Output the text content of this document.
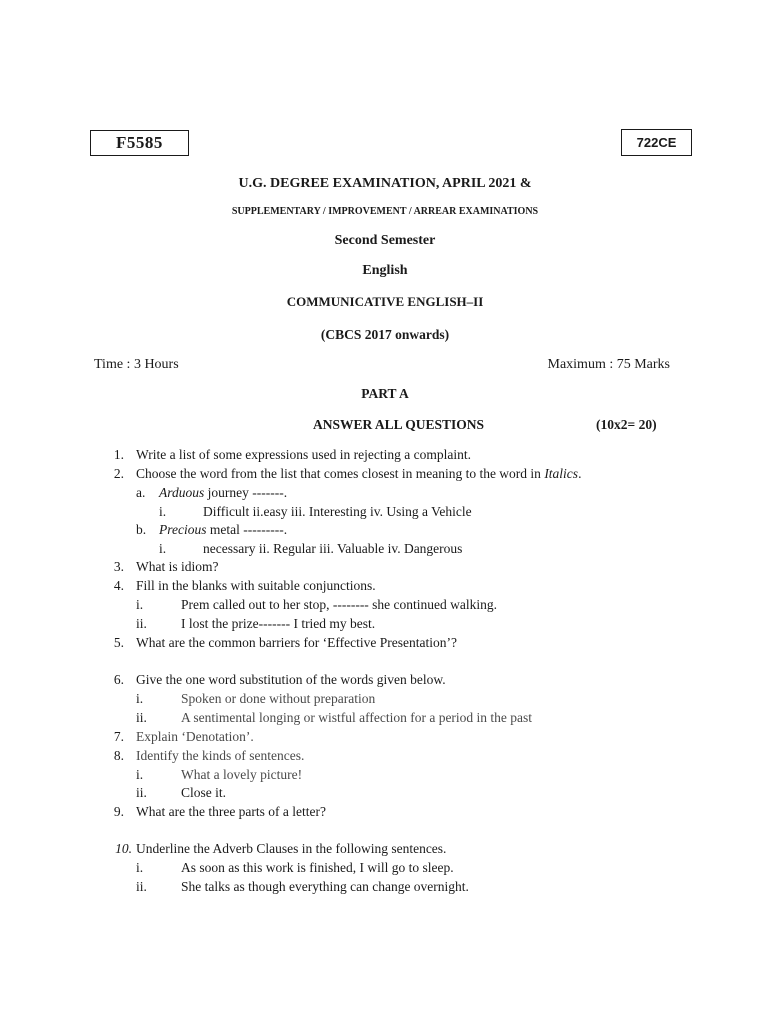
F5585	722CE
U.G. DEGREE EXAMINATION, APRIL 2021 &
SUPPLEMENTARY / IMPROVEMENT / ARREAR EXAMINATIONS
Second Semester
English
COMMUNICATIVE ENGLISH–II
(CBCS 2017 onwards)
Time : 3 Hours	Maximum : 75 Marks
PART A
ANSWER ALL QUESTIONS	(10x2= 20)
1. Write a list of some expressions used in rejecting a complaint.
2. Choose the word from the list that comes closest in meaning to the word in Italics.
a. Arduous journey -------.
i.	Difficult ii.easy iii. Interesting iv. Using a Vehicle
b. Precious metal ---------.
i.	necessary ii. Regular iii. Valuable iv. Dangerous
3. What is idiom?
4. Fill in the blanks with suitable conjunctions.
i.	Prem called out to her stop, -------- she continued walking.
ii.	I lost the prize------- I tried my best.
5. What are the common barriers for ‘Effective Presentation’?
6. Give the one word substitution of the words given below.
i.	Spoken or done without preparation
ii.	A sentimental longing or wistful affection for a period in the past
7. Explain ‘Denotation’.
8. Identify the kinds of sentences.
i.	What a lovely picture!
ii.	Close it.
9. What are the three parts of a letter?
10. Underline the Adverb Clauses in the following sentences.
i.	As soon as this work is finished, I will go to sleep.
ii.	She talks as though everything can change overnight.
